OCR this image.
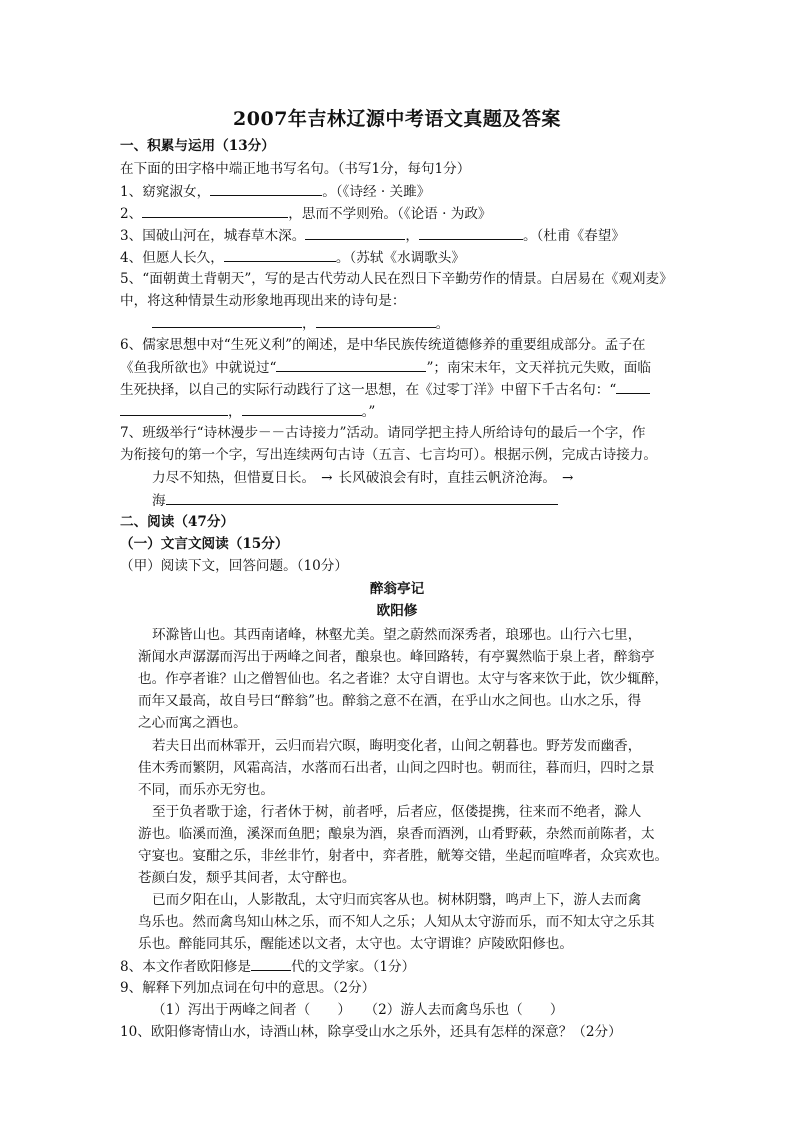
2007年吉林辽源中考语文真题及答案
一、积累与运用（13分）
在下面的田字格中端正地书写名句。（书写1分，每句1分）
1、窈窕淑女，	。（《诗经 · 关雎》
2、	，思而不学则殆。（《论语 · 为政》
3、国破山河在，城春草木深。	，	。（杜甫《春望》
4、但愿人长久，	。（苏轼《水调歌头》
5、“面朝黄土背朝天”，写的是古代劳动人民在烈日下辛勤劳作的情景。白居易在《观刈麦》
中，将这种情景生动形象地再现出来的诗句是：
，	。
6、儒家思想中对“生死义利”的阐述，是中华民族传统道德修养的重要组成部分。孟子在
《鱼我所欲也》中就说过“	”；南宋末年，文天祥抗元失败，面临
生死抉择，以自己的实际行动践行了这一思想，在《过零丁洋》中留下千古名句：“
，	。”
7、班级举行“诗林漫步－－古诗接力”活动。请同学把主持人所给诗句的最后一个字，作
为衔接句的第一个字，写出连续两句古诗（五言、七言均可）。根据示例，完成古诗接力。
力尽不知热，但惜夏日长。 → 长风破浪会有时，直挂云帆济沧海。 →
海
二、阅读（47分）
（一）文言文阅读（15分）
（甲）阅读下文，回答问题。（10分）
醉翁亭记
欧阳修
环滁皆山也。其西南诸峰，林壑尤美。望之蔚然而深秀者，琅琊也。山行六七里，
渐闻水声潺潺而泻出于两峰之间者，酿泉也。峰回路转，有亭翼然临于泉上者，醉翁亭
也。作亭者谁？山之僧智仙也。名之者谁？太守自谓也。太守与客来饮于此，饮少辄醉，
而年又最高，故自号曰“醉翁”也。醉翁之意不在酒，在乎山水之间也。山水之乐，得
之心而寓之酒也。
若夫日出而林霏开，云归而岩穴暝，晦明变化者，山间之朝暮也。野芳发而幽香，
佳木秀而繁阴，风霜高洁，水落而石出者，山间之四时也。朝而往，暮而归，四时之景
不同，而乐亦无穷也。
至于负者歌于途，行者休于树，前者呼，后者应，伛偻提携，往来而不绝者，滁人
游也。临溪而渔，溪深而鱼肥；酿泉为酒，泉香而酒洌，山肴野蔌，杂然而前陈者，太
守宴也。宴酣之乐，非丝非竹，射者中，弈者胜，觥筹交错，坐起而喧哗者，众宾欢也。
苍颜白发，颓乎其间者，太守醉也。
已而夕阳在山，人影散乱，太守归而宾客从也。树林阴翳，鸣声上下，游人去而禽
鸟乐也。然而禽鸟知山林之乐，而不知人之乐；人知从太守游而乐，而不知太守之乐其
乐也。醉能同其乐，醒能述以文者，太守也。太守谓谁？庐陵欧阳修也。
8、本文作者欧阳修是	代的文学家。（1分）
9、解释下列加点词在句中的意思。（2分）
（1）泻出于两峰之间者（　　）　　（2）游人去而禽鸟乐也（　　）
10、欧阳修寄情山水，诗酒山林，除享受山水之乐外，还具有怎样的深意？（2分）
